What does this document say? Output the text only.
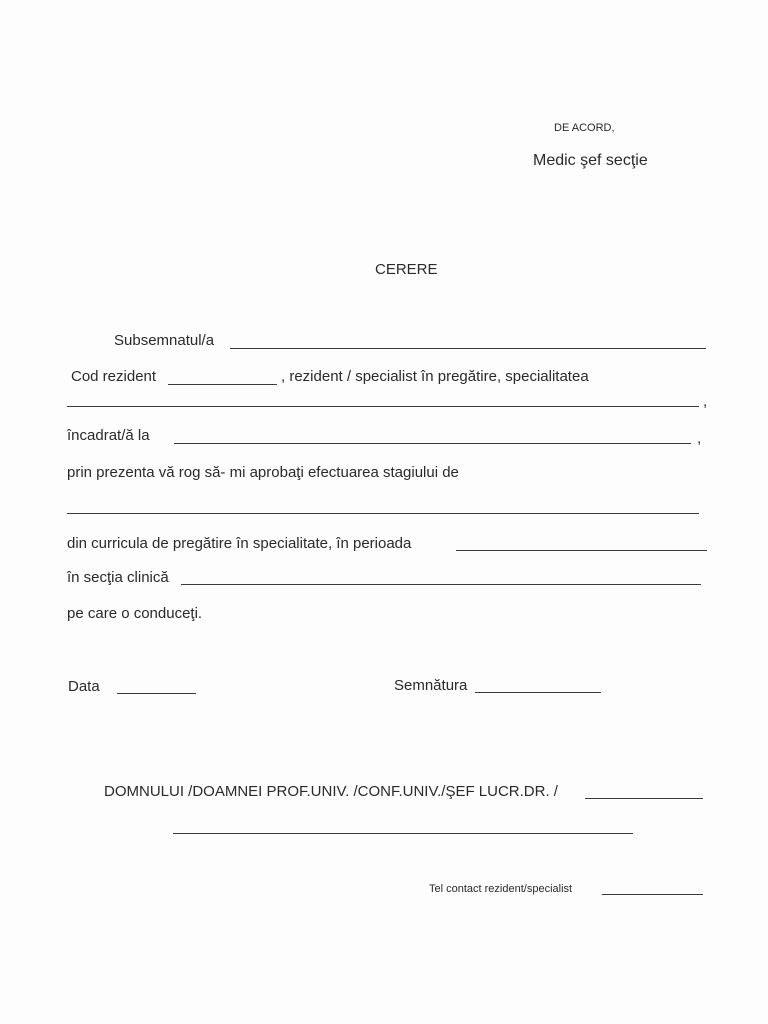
DE ACORD,
Medic şef secţie
CERERE
Subsemnatul/a
Cod rezident	, rezident / specialist în pregătire, specialitatea
,
încadrat/ă la	,
prin prezenta vă rog să- mi aprobaţi efectuarea stagiului de
din curricula de pregătire în specialitate, în perioada
în secţia clinică
pe care o conduceţi.
Data	Semnătura
DOMNULUI /DOAMNEI PROF.UNIV. /CONF.UNIV./ŞEF LUCR.DR. /
Tel contact rezident/specialist
